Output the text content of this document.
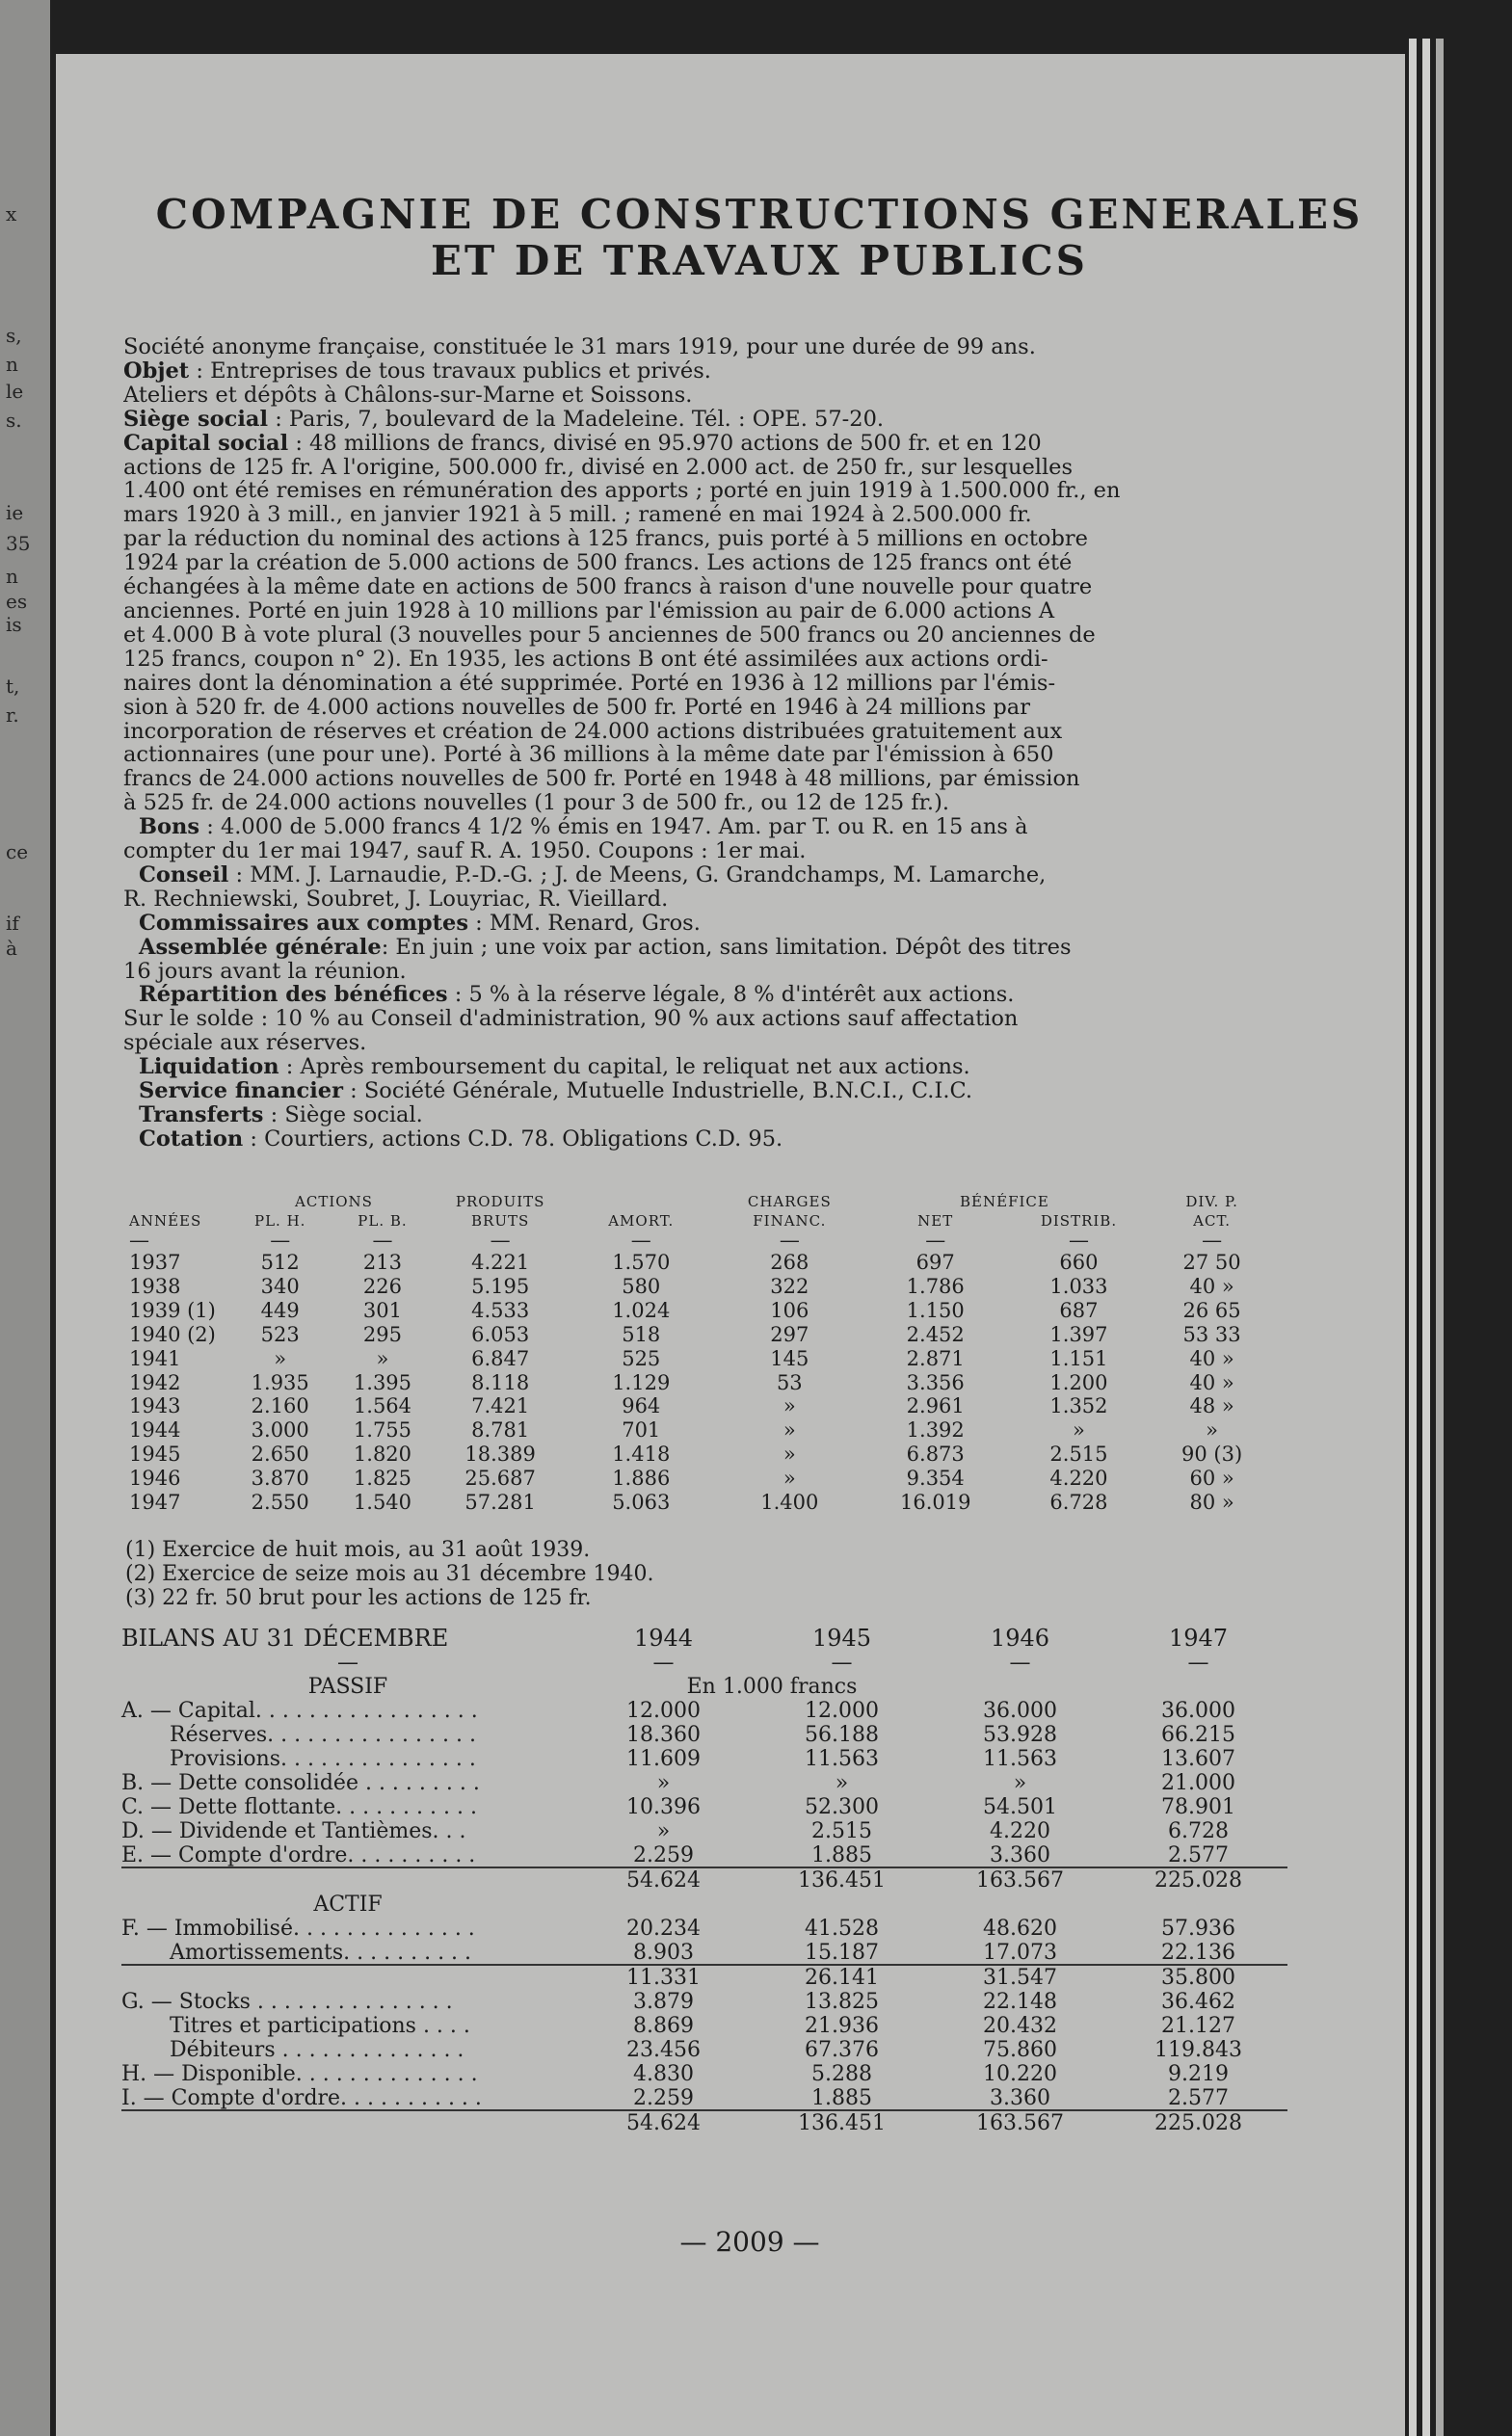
x
s,
n
le
s.
ie
35
n
es
is
t,
r.
ce
if
à
COMPAGNIE DE CONSTRUCTIONS GENERALES
ET DE TRAVAUX PUBLICS
Société anonyme française, constituée le 31 mars 1919, pour une durée de 99 ans.
Objet : Entreprises de tous travaux publics et privés.
Ateliers et dépôts à Châlons-sur-Marne et Soissons.
Siège social : Paris, 7, boulevard de la Madeleine. Tél. : OPE. 57-20.
Capital social : 48 millions de francs, divisé en 95.970 actions de 500 fr. et en 120
actions de 125 fr. A l'origine, 500.000 fr., divisé en 2.000 act. de 250 fr., sur lesquelles
1.400 ont été remises en rémunération des apports ; porté en juin 1919 à 1.500.000 fr., en
mars 1920 à 3 mill., en janvier 1921 à 5 mill. ; ramené en mai 1924 à 2.500.000 fr.
par la réduction du nominal des actions à 125 francs, puis porté à 5 millions en octobre
1924 par la création de 5.000 actions de 500 francs. Les actions de 125 francs ont été
échangées à la même date en actions de 500 francs à raison d'une nouvelle pour quatre
anciennes. Porté en juin 1928 à 10 millions par l'émission au pair de 6.000 actions A
et 4.000 B à vote plural (3 nouvelles pour 5 anciennes de 500 francs ou 20 anciennes de
125 francs, coupon n° 2). En 1935, les actions B ont été assimilées aux actions ordi-
naires dont la dénomination a été supprimée. Porté en 1936 à 12 millions par l'émis-
sion à 520 fr. de 4.000 actions nouvelles de 500 fr. Porté en 1946 à 24 millions par
incorporation de réserves et création de 24.000 actions distribuées gratuitement aux
actionnaires (une pour une). Porté à 36 millions à la même date par l'émission à 650
francs de 24.000 actions nouvelles de 500 fr. Porté en 1948 à 48 millions, par émission
à 525 fr. de 24.000 actions nouvelles (1 pour 3 de 500 fr., ou 12 de 125 fr.).
Bons : 4.000 de 5.000 francs 4 1/2 % émis en 1947. Am. par T. ou R. en 15 ans à
compter du 1er mai 1947, sauf R. A. 1950. Coupons : 1er mai.
Conseil : MM. J. Larnaudie, P.-D.-G. ; J. de Meens, G. Grandchamps, M. Lamarche,
R. Rechniewski, Soubret, J. Louyriac, R. Vieillard.
Commissaires aux comptes : MM. Renard, Gros.
Assemblée générale: En juin ; une voix par action, sans limitation. Dépôt des titres
16 jours avant la réunion.
Répartition des bénéfices : 5 % à la réserve légale, 8 % d'intérêt aux actions.
Sur le solde : 10 % au Conseil d'administration, 90 % aux actions sauf affectation
spéciale aux réserves.
Liquidation : Après remboursement du capital, le reliquat net aux actions.
Service financier : Société Générale, Mutuelle Industrielle, B.N.C.I., C.I.C.
Transferts : Siège social.
Cotation : Courtiers, actions C.D. 78. Obligations C.D. 95.
	ACTIONS		PRODUITS		CHARGES	BÉNÉFICE		DIV. P.
ANNÉES	PL. H.	PL. B.	BRUTS	AMORT.	FINANC.	NET	DISTRIB.	ACT.
—	—	—	—	—	—	—	—	—
1937	512	213	4.221	1.570	268	697	660	27 50
1938	340	226	5.195	580	322	1.786	1.033	40 »
1939 (1)	449	301	4.533	1.024	106	1.150	687	26 65
1940 (2)	523	295	6.053	518	297	2.452	1.397	53 33
1941	»	»	6.847	525	145	2.871	1.151	40 »
1942	1.935	1.395	8.118	1.129	53	3.356	1.200	40 »
1943	2.160	1.564	7.421	964	»	2.961	1.352	48 »
1944	3.000	1.755	8.781	701	»	1.392	»	»
1945	2.650	1.820	18.389	1.418	»	6.873	2.515	90 (3)
1946	3.870	1.825	25.687	1.886	»	9.354	4.220	60 »
1947	2.550	1.540	57.281	5.063	1.400	16.019	6.728	80 »
(1) Exercice de huit mois, au 31 août 1939.
(2) Exercice de seize mois au 31 décembre 1940.
(3) 22 fr. 50 brut pour les actions de 125 fr.
BILANS AU 31 DÉCEMBRE	1944	1945	1946	1947
—	—	—	—	—
PASSIF	En 1.000 francs			
A. — Capital. . . . . . . . . . . . . . . . .	12.000	12.000	36.000	36.000
Réserves. . . . . . . . . . . . . . . .	18.360	56.188	53.928	66.215
Provisions. . . . . . . . . . . . . . .	11.609	11.563	11.563	13.607
B. — Dette consolidée . . . . . . . . .	»	»	»	21.000
C. — Dette flottante. . . . . . . . . . .	10.396	52.300	54.501	78.901
D. — Dividende et Tantièmes. . .	»	2.515	4.220	6.728
E. — Compte d'ordre. . . . . . . . . .	2.259	1.885	3.360	2.577

	54.624	136.451	163.567	225.028

ACTIF				
F. — Immobilisé. . . . . . . . . . . . . .	20.234	41.528	48.620	57.936
Amortissements. . . . . . . . . .	8.903	15.187	17.073	22.136

	11.331	26.141	31.547	35.800
G. — Stocks . . . . . . . . . . . . . . .	3.879	13.825	22.148	36.462
Titres et participations . . . .	8.869	21.936	20.432	21.127
Débiteurs . . . . . . . . . . . . . .	23.456	67.376	75.860	119.843
H. — Disponible. . . . . . . . . . . . . .	4.830	5.288	10.220	9.219
I. — Compte d'ordre. . . . . . . . . . .	2.259	1.885	3.360	2.577

	54.624	136.451	163.567	225.028
— 2009 —
